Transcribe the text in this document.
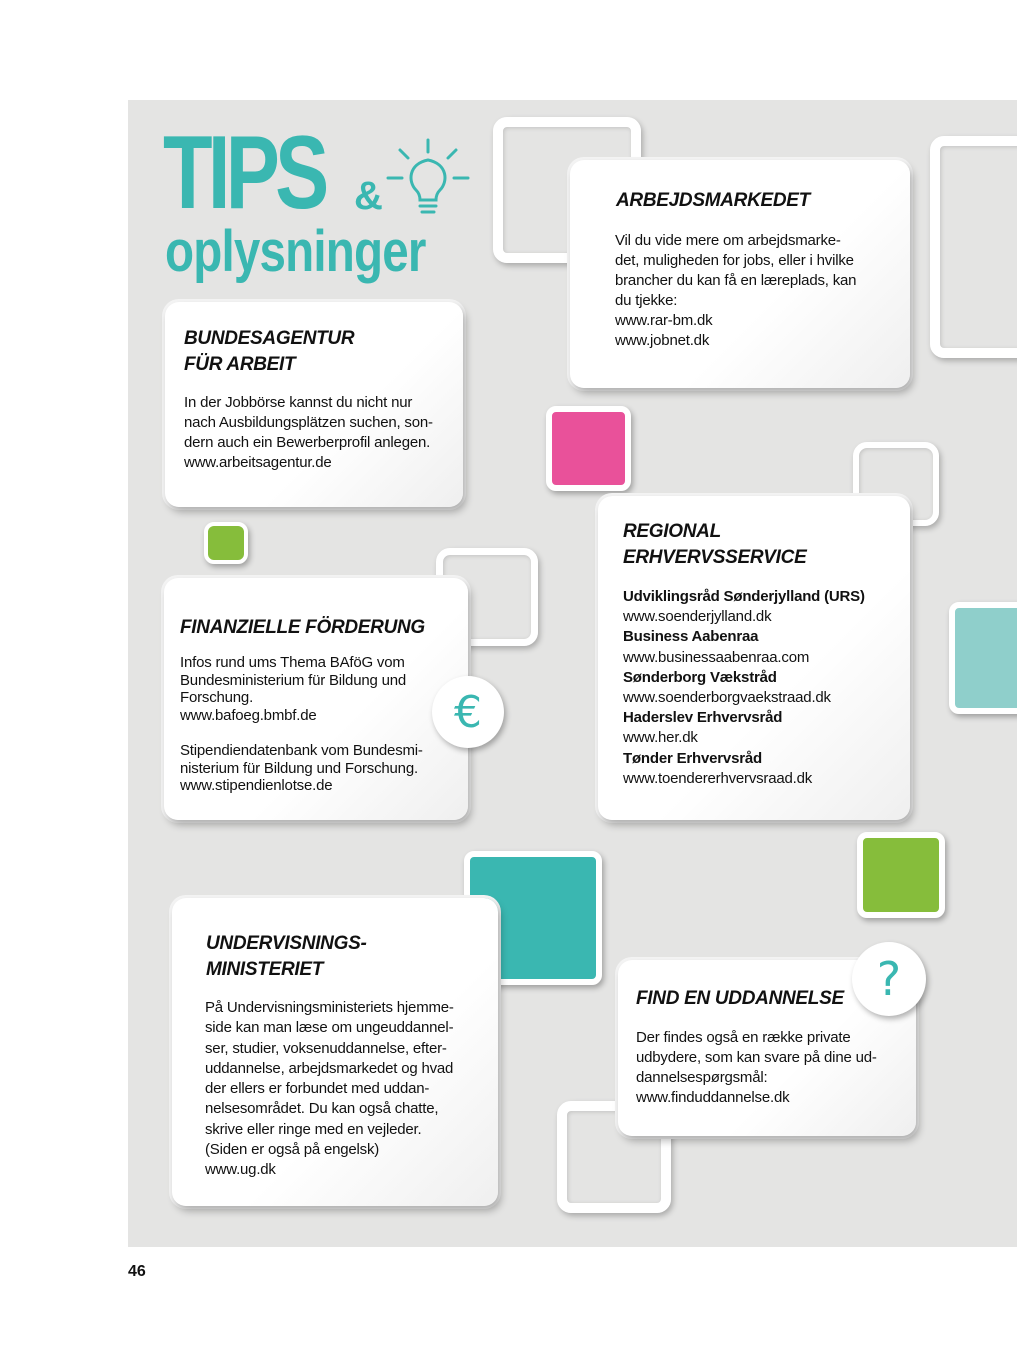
TIPS &
oplysninger
BUNDESAGENTUR
FÜR ARBEIT
In der Jobbörse kannst du nicht nur
nach Ausbildungsplätzen suchen, son-
dern auch ein Bewerberprofil anlegen.
www.arbeitsagentur.de
ARBEJDSMARKEDET
Vil du vide mere om arbejdsmarke-
det, muligheden for jobs, eller i hvilke
brancher du kan få en læreplads, kan
du tjekke:
www.rar-bm.dk
www.jobnet.dk
FINANZIELLE FÖRDERUNG
Infos rund ums Thema BAföG vom
Bundesministerium für Bildung und
Forschung.
www.bafoeg.bmbf.de
Stipendiendatenbank vom Bundesmi-
nisterium für Bildung und Forschung.
www.stipendienlotse.de
€
REGIONAL
ERHVERVSSERVICE
Udviklingsråd Sønderjylland (URS)
www.soenderjylland.dk
Business Aabenraa
www.businessaabenraa.com
Sønderborg Vækstråd
www.soenderborgvaekstraad.dk
Haderslev Erhvervsråd
www.her.dk
Tønder Erhvervsråd
www.toendererhvervsraad.dk
UNDERVISNINGS-
MINISTERIET
På Undervisningsministeriets hjemme-
side kan man læse om ungeuddannel-
ser, studier, voksenuddannelse, efter-
uddannelse, arbejdsmarkedet og hvad
der ellers er forbundet med uddan-
nelsesområdet. Du kan også chatte,
skrive eller ringe med en vejleder.
(Siden er også på engelsk)
www.ug.dk
FIND EN UDDANNELSE
Der findes også en række private
udbydere, som kan svare på dine ud-
dannelsespørgsmål:
www.finduddannelse.dk
?
46
